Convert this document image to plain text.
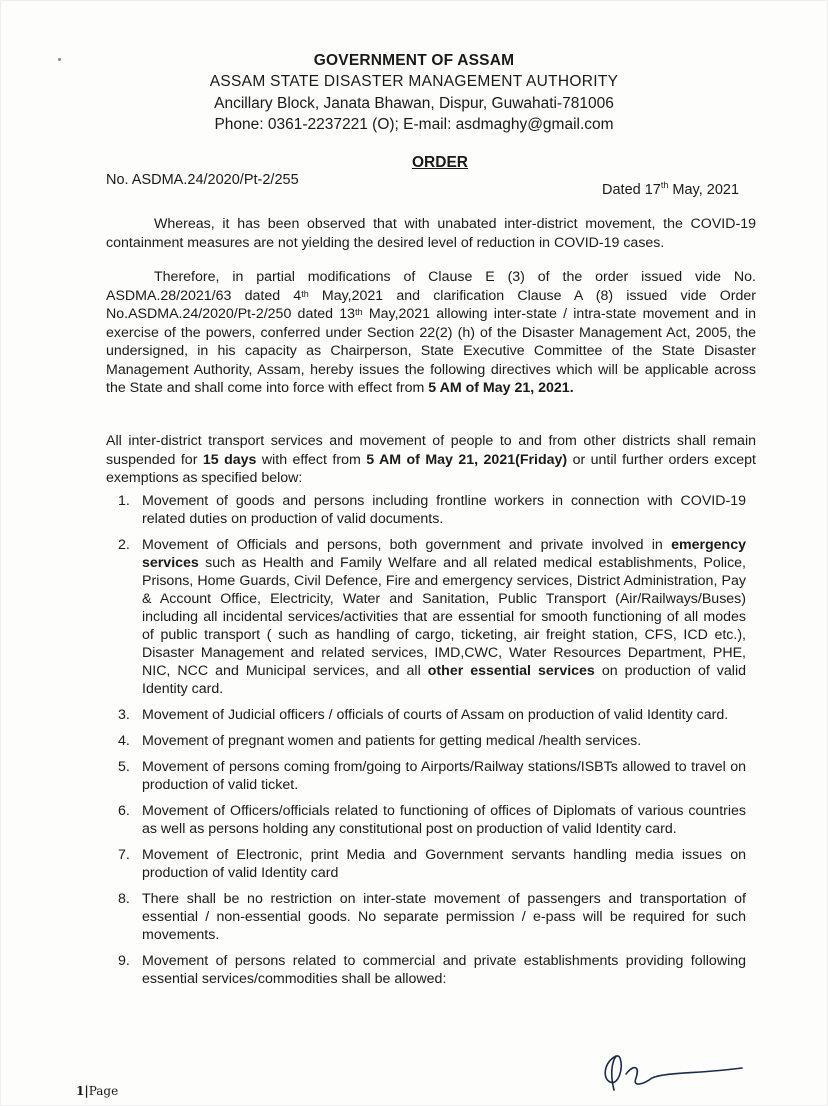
GOVERNMENT OF ASSAM
ASSAM STATE DISASTER MANAGEMENT AUTHORITY
Ancillary Block, Janata Bhawan, Dispur, Guwahati-781006
Phone: 0361-2237221 (O); E-mail: asdmaghy@gmail.com
ORDER
No. ASDMA.24/2020/Pt-2/255
Dated 17th May, 2021
Whereas, it has been observed that with unabated inter-district movement, the COVID-19 containment measures are not yielding the desired level of reduction in COVID-19 cases.
Therefore, in partial modifications of Clause E (3) of the order issued vide No. ASDMA.28/2021/63 dated 4th May,2021 and clarification Clause A (8) issued vide Order No.ASDMA.24/2020/Pt-2/250 dated 13th May,2021 allowing inter-state / intra-state movement and in exercise of the powers, conferred under Section 22(2) (h) of the Disaster Management Act, 2005, the undersigned, in his capacity as Chairperson, State Executive Committee of the State Disaster Management Authority, Assam, hereby issues the following directives which will be applicable across the State and shall come into force with effect from 5 AM of May 21, 2021.
All inter-district transport services and movement of people to and from other districts shall remain suspended for 15 days with effect from 5 AM of May 21, 2021(Friday) or until further orders except exemptions as specified below:
1. Movement of goods and persons including frontline workers in connection with COVID-19 related duties on production of valid documents.
2. Movement of Officials and persons, both government and private involved in emergency services such as Health and Family Welfare and all related medical establishments, Police, Prisons, Home Guards, Civil Defence, Fire and emergency services, District Administration, Pay & Account Office, Electricity, Water and Sanitation, Public Transport (Air/Railways/Buses) including all incidental services/activities that are essential for smooth functioning of all modes of public transport ( such as handling of cargo, ticketing, air freight station, CFS, ICD etc.), Disaster Management and related services, IMD,CWC, Water Resources Department, PHE, NIC, NCC and Municipal services, and all other essential services on production of valid Identity card.
3. Movement of Judicial officers / officials of courts of Assam on production of valid Identity card.
4. Movement of pregnant women and patients for getting medical /health services.
5. Movement of persons coming from/going to Airports/Railway stations/ISBTs allowed to travel on production of valid ticket.
6. Movement of Officers/officials related to functioning of offices of Diplomats of various countries as well as persons holding any constitutional post on production of valid Identity card.
7. Movement of Electronic, print Media and Government servants handling media issues on production of valid Identity card
8. There shall be no restriction on inter-state movement of passengers and transportation of essential / non-essential goods. No separate permission / e-pass will be required for such movements.
9. Movement of persons related to commercial and private establishments providing following essential services/commodities shall be allowed:
1|Page
